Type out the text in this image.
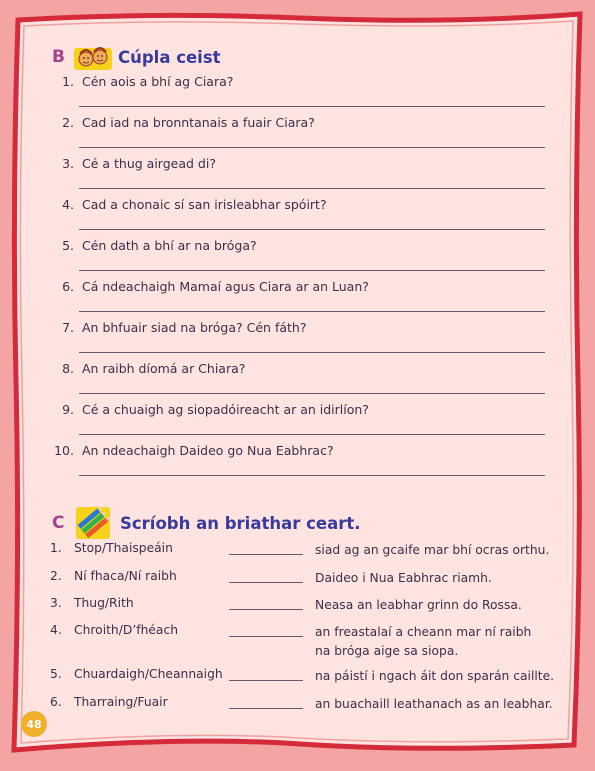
B	Cúpla ceist
1. Cén aois a bhí ag Ciara?
2. Cad iad na bronntanais a fuair Ciara?
3. Cé a thug airgead di?
4. Cad a chonaic sí san irisleabhar spóirt?
5. Cén dath a bhí ar na bróga?
6. Cá ndeachaigh Mamaí agus Ciara ar an Luan?
7. An bhfuair siad na bróga? Cén fáth?
8. An raibh díomá ar Chiara?
9. Cé a chuaigh ag siopadóireacht ar an idirlíon?
10. An ndeachaigh Daideo go Nua Eabhrac?
C	Scríobh an briathar ceart.
1. Stop/Thaispeáin	siad ag an gcaife mar bhí ocras orthu.
2. Ní fhaca/Ní raibh	Daideo i Nua Eabhrac riamh.
3. Thug/Rith	Neasa an leabhar grinn do Rossa.
4. Chroith/D’fhéach	an freastalaí a cheann mar ní raibh
na bróga aige sa siopa.
5. Chuardaigh/Cheannaigh	na páistí i ngach áit don sparán caillte.
6. Tharraing/Fuair	an buachaill leathanach as an leabhar.
48
